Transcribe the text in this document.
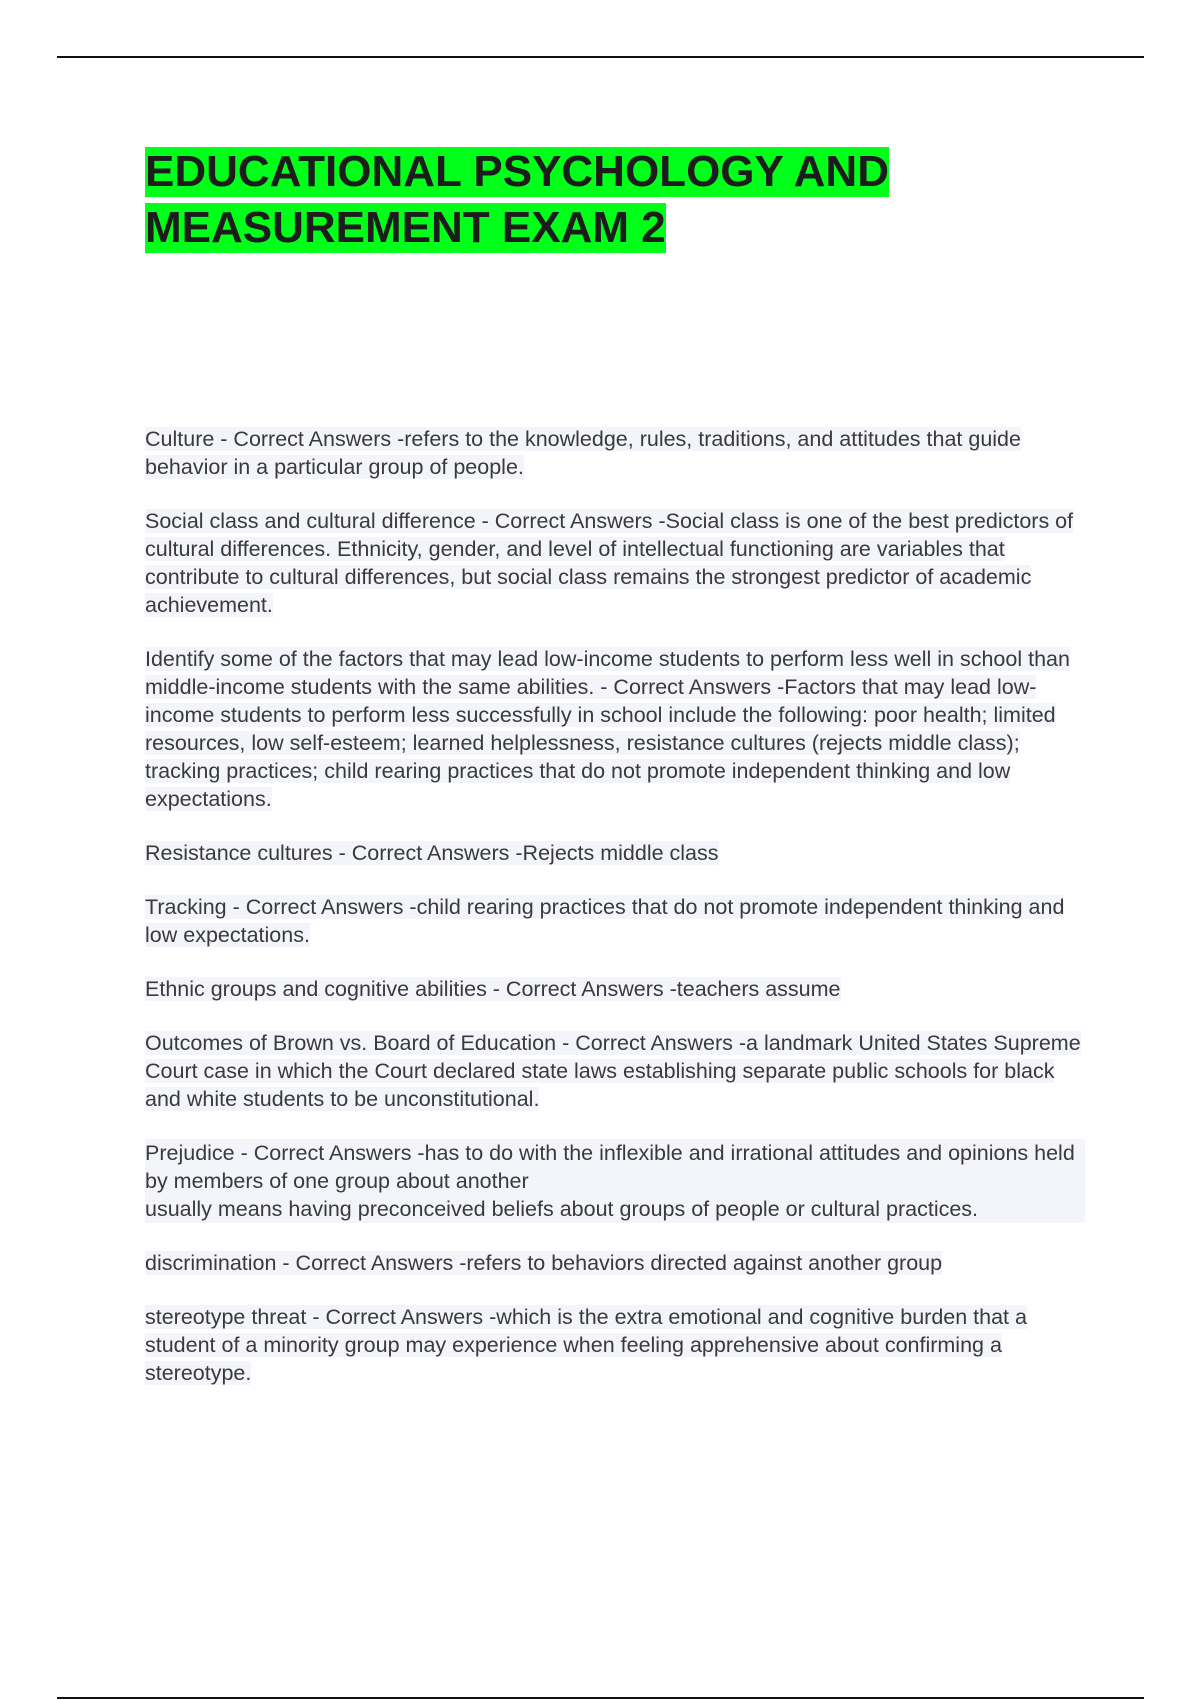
EDUCATIONAL PSYCHOLOGY AND MEASUREMENT EXAM 2

Culture - Correct Answers -refers to the knowledge, rules, traditions, and attitudes that guide behavior in a particular group of people.

Social class and cultural difference - Correct Answers -Social class is one of the best predictors of cultural differences. Ethnicity, gender, and level of intellectual functioning are variables that contribute to cultural differences, but social class remains the strongest predictor of academic achievement.

Identify some of the factors that may lead low-income students to perform less well in school than middle-income students with the same abilities. - Correct Answers -Factors that may lead low-income students to perform less successfully in school include the following: poor health; limited resources, low self-esteem; learned helplessness, resistance cultures (rejects middle class); tracking practices; child rearing practices that do not promote independent thinking and low expectations.

Resistance cultures - Correct Answers -Rejects middle class

Tracking - Correct Answers -child rearing practices that do not promote independent thinking and low expectations.

Ethnic groups and cognitive abilities - Correct Answers -teachers assume

Outcomes of Brown vs. Board of Education - Correct Answers -a landmark United States Supreme Court case in which the Court declared state laws establishing separate public schools for black and white students to be unconstitutional.

Prejudice - Correct Answers -has to do with the inflexible and irrational attitudes and opinions held by members of one group about another
usually means having preconceived beliefs about groups of people or cultural practices.

discrimination - Correct Answers -refers to behaviors directed against another group

stereotype threat - Correct Answers -which is the extra emotional and cognitive burden that a student of a minority group may experience when feeling apprehensive about confirming a stereotype.
